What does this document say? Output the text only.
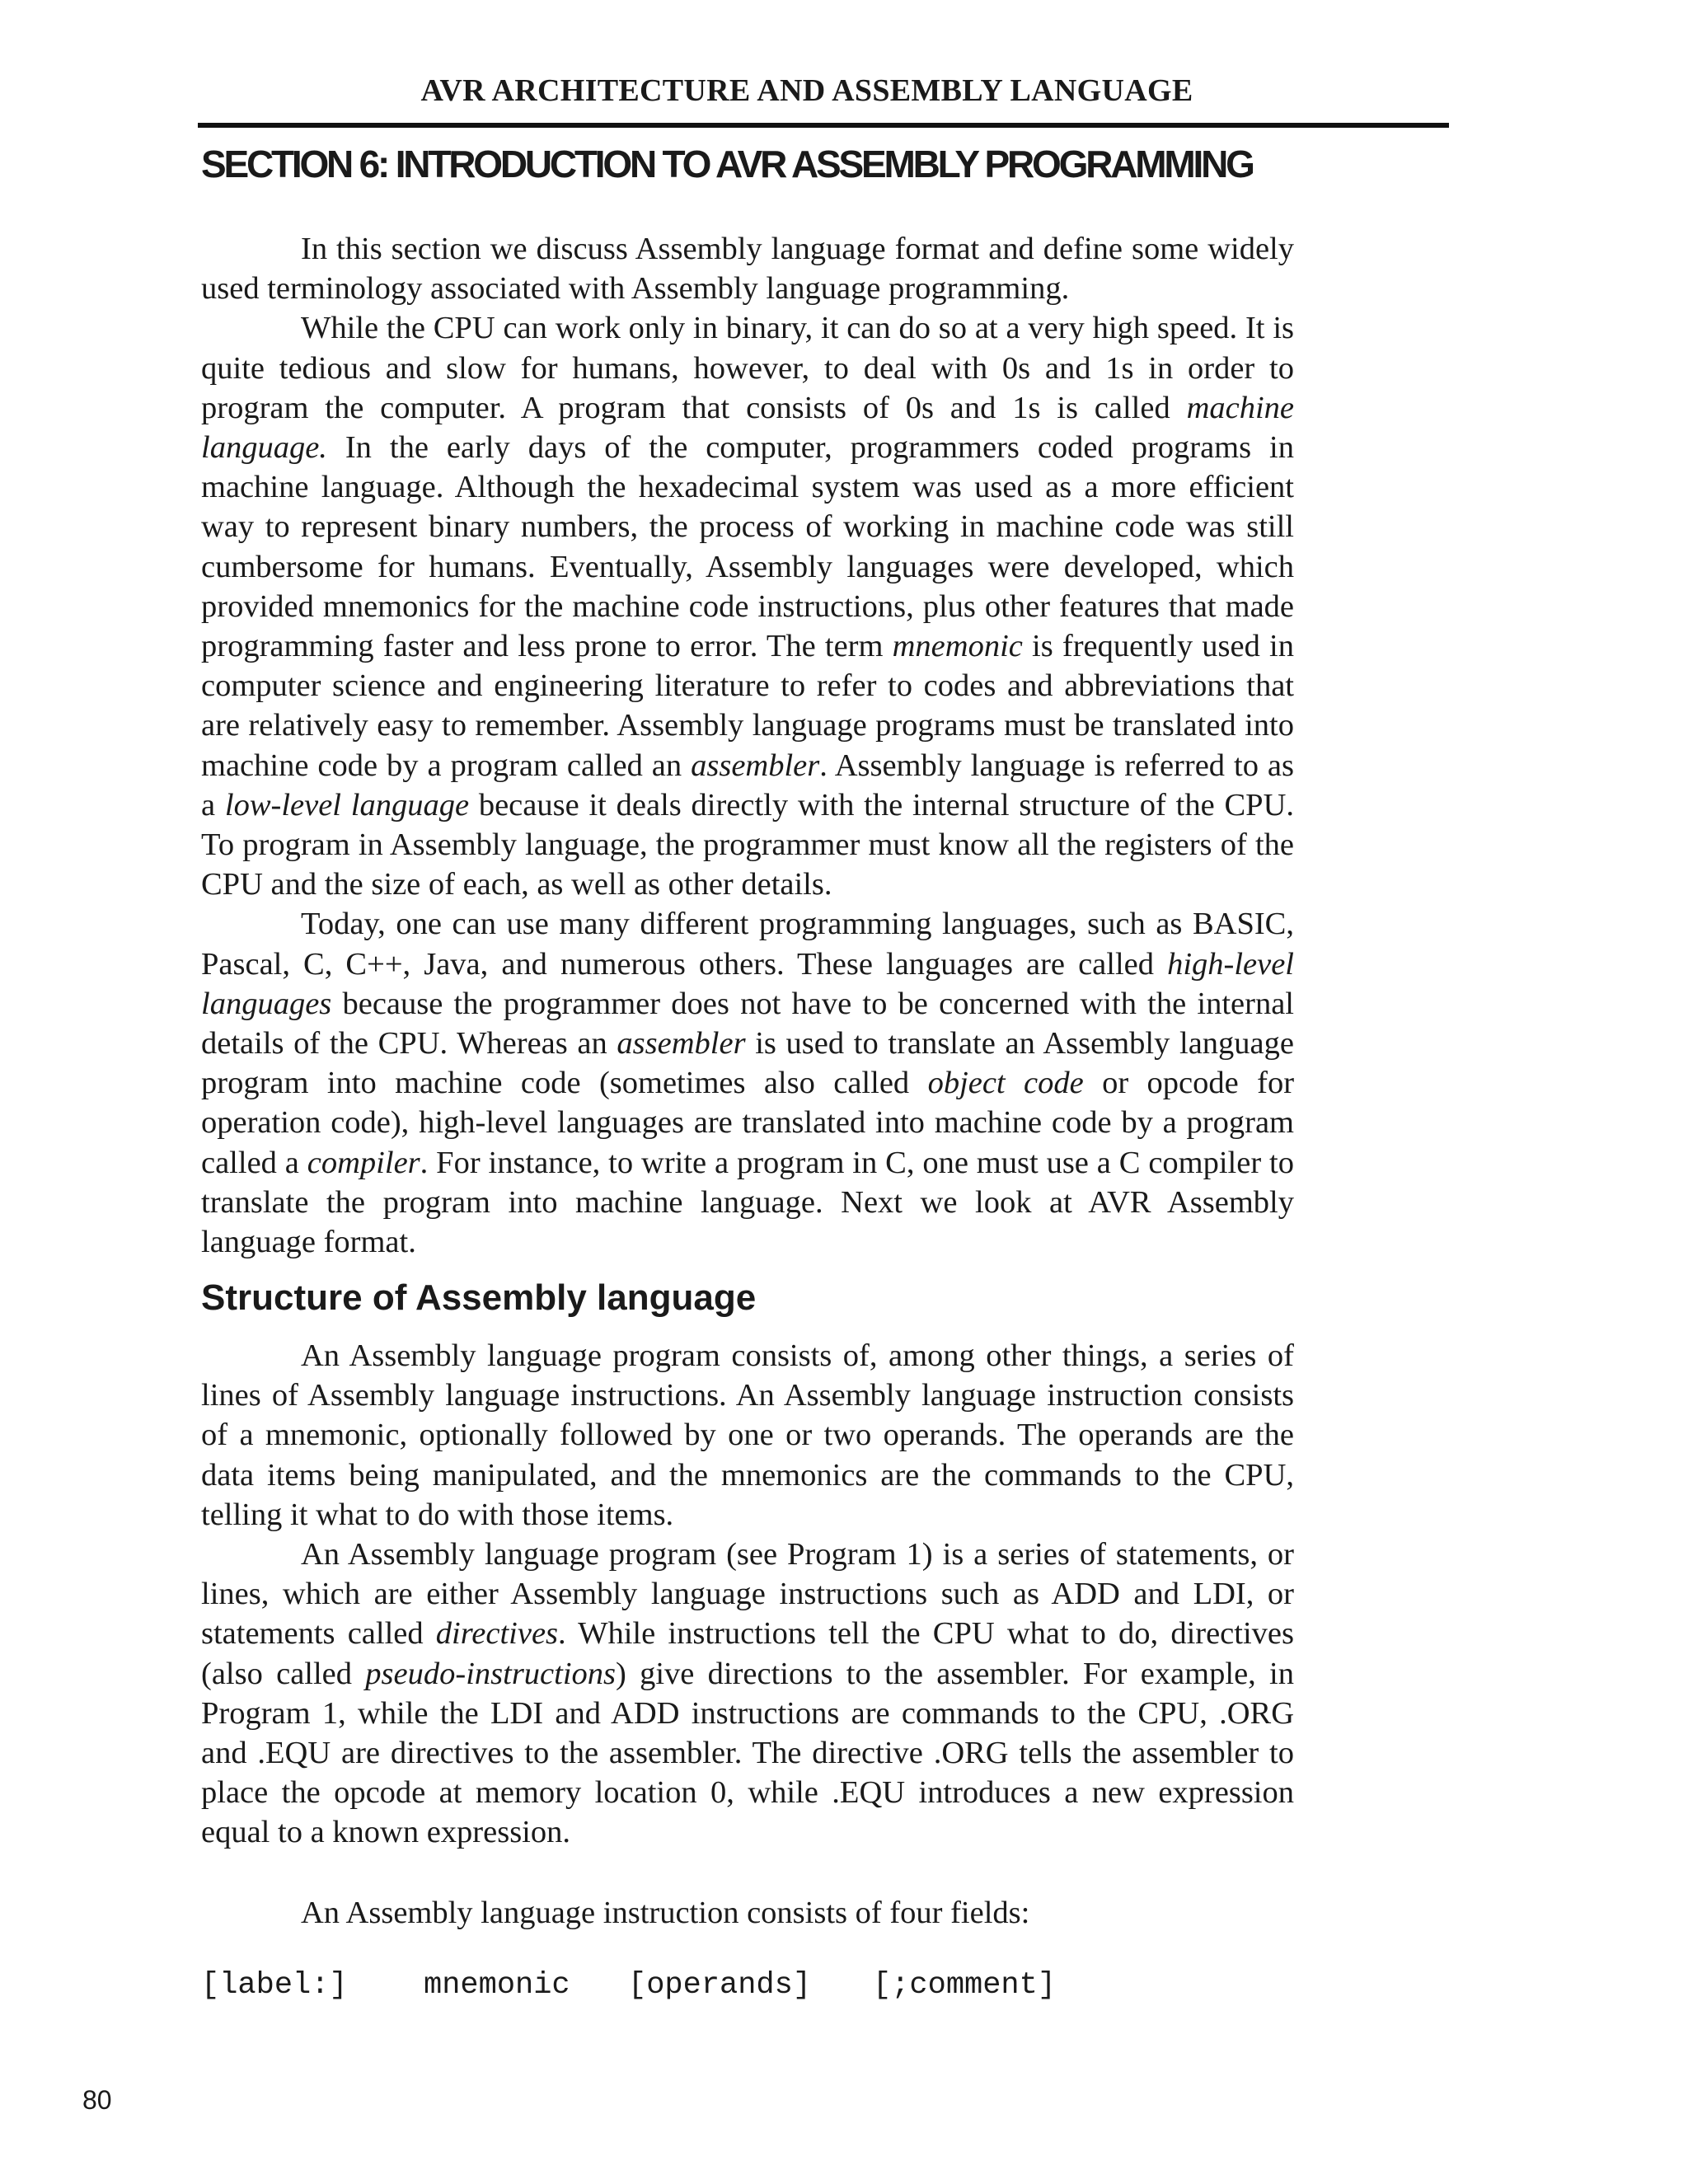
AVR ARCHITECTURE AND ASSEMBLY LANGUAGE
SECTION 6: INTRODUCTION TO AVR ASSEMBLY PROGRAMMING

In this section we discuss Assembly language format and define some widely used terminology associated with Assembly language programming.

While the CPU can work only in binary, it can do so at a very high speed. It is quite tedious and slow for humans, however, to deal with 0s and 1s in order to program the computer. A program that consists of 0s and 1s is called machine language. In the early days of the computer, programmers coded programs in machine language. Although the hexadecimal system was used as a more efficient way to represent binary numbers, the process of working in machine code was still cumbersome for humans. Eventually, Assembly languages were developed, which provided mnemonics for the machine code instructions, plus other features that made programming faster and less prone to error. The term mnemonic is frequently used in computer science and engineering literature to refer to codes and abbreviations that are relatively easy to remember. Assembly language programs must be translated into machine code by a program called an assembler. Assembly language is referred to as a low-level language because it deals directly with the internal structure of the CPU. To program in Assembly language, the programmer must know all the registers of the CPU and the size of each, as well as other details.

Today, one can use many different programming languages, such as BASIC, Pascal, C, C++, Java, and numerous others. These languages are called high-level languages because the programmer does not have to be concerned with the internal details of the CPU. Whereas an assembler is used to translate an Assembly language program into machine code (sometimes also called object code or opcode for operation code), high-level languages are translated into machine code by a program called a compiler. For instance, to write a program in C, one must use a C compiler to translate the program into machine language. Next we look at AVR Assembly language format.

Structure of Assembly language

An Assembly language program consists of, among other things, a series of lines of Assembly language instructions. An Assembly language instruction consists of a mnemonic, optionally followed by one or two operands. The operands are the data items being manipulated, and the mnemonics are the commands to the CPU, telling it what to do with those items.

An Assembly language program (see Program 1) is a series of statements, or lines, which are either Assembly language instructions such as ADD and LDI, or statements called directives. While instructions tell the CPU what to do, directives (also called pseudo-instructions) give directions to the assembler. For example, in Program 1, while the LDI and ADD instructions are commands to the CPU, .ORG and .EQU are directives to the assembler. The directive .ORG tells the assembler to place the opcode at memory location 0, while .EQU introduces a new expression equal to a known expression.

An Assembly language instruction consists of four fields:

[label:]	mnemonic	[operands]	[;comment]
80
